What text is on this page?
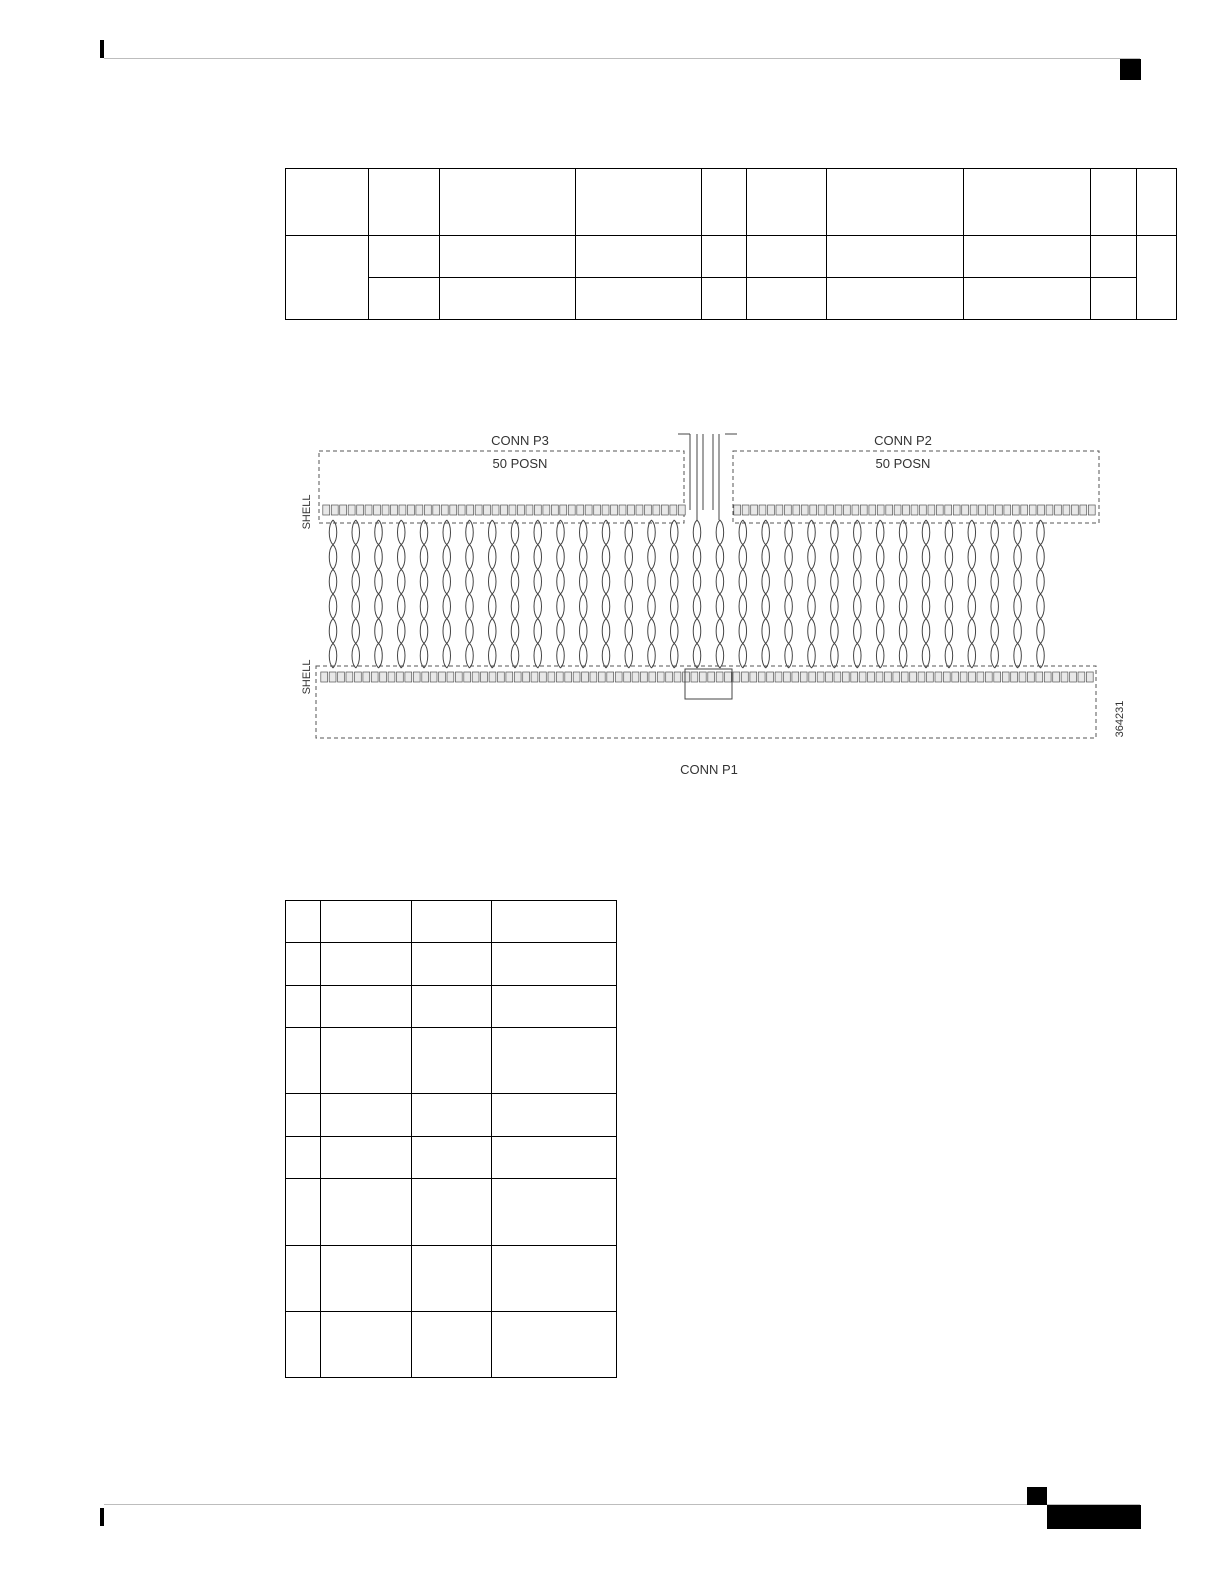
CONN P3
50 POSN
CONN P2
50 POSN
CONN P1
SHELL
SHELL
364231
